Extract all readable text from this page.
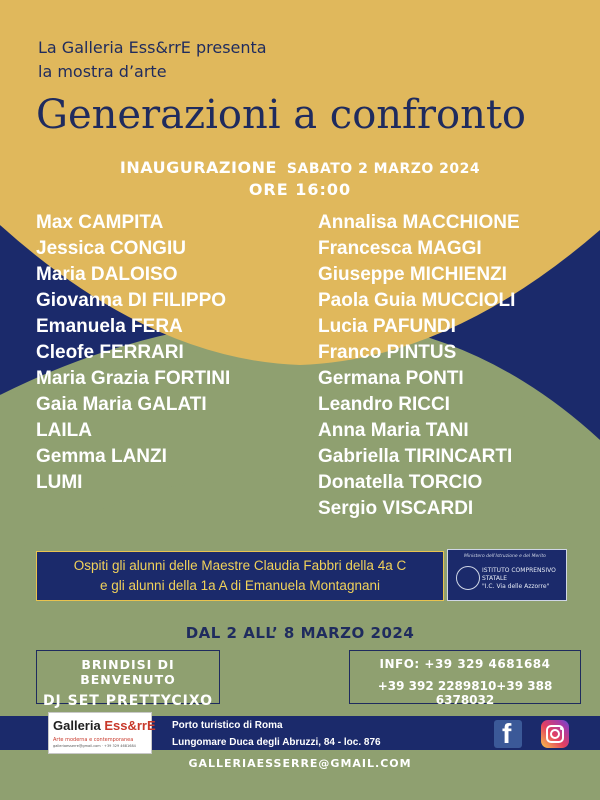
La Galleria Ess&rrE presenta
la mostra d’arte
Generazioni a confronto
INAUGURAZIONE SABATO 2 MARZO 2024
ORE 16:00
Max CAMPITA
Jessica CONGIU
Maria DALOISO
Giovanna DI FILIPPO
Emanuela FERA
Cleofe FERRARI
Maria Grazia FORTINI
Gaia Maria GALATI
LAILA
Gemma LANZI
LUMI
Annalisa MACCHIONE
Francesca MAGGI
Giuseppe MICHIENZI
Paola Guia MUCCIOLI
Lucia PAFUNDI
Franco PINTUS
Germana PONTI
Leandro RICCI
Anna Maria TANI
Gabriella TIRINCARTI
Donatella TORCIO
Sergio VISCARDI
Ospiti gli alunni delle Maestre Claudia Fabbri della 4a C
e gli alunni della 1a A di Emanuela Montagnani
Ministero dell'Istruzione e del Merito
ISTITUTO COMPRENSIVO
STATALE
"I.C. Via delle Azzorre"
DAL 2 ALL’ 8 MARZO 2024
BRINDISI DI BENVENUTO
DJ SET PRETTYCIXO
INFO: +39 329 4681684
+39 392 2289810+39 388 6378032
Galleria Ess&rrE
Arte moderna e contemporanea
galleriaesserre@gmail.com · +39 329 4681684
Porto turistico di Roma
Lungomare Duca degli Abruzzi, 84 - loc. 876	f
GALLERIAESSERRE@GMAIL.COM
